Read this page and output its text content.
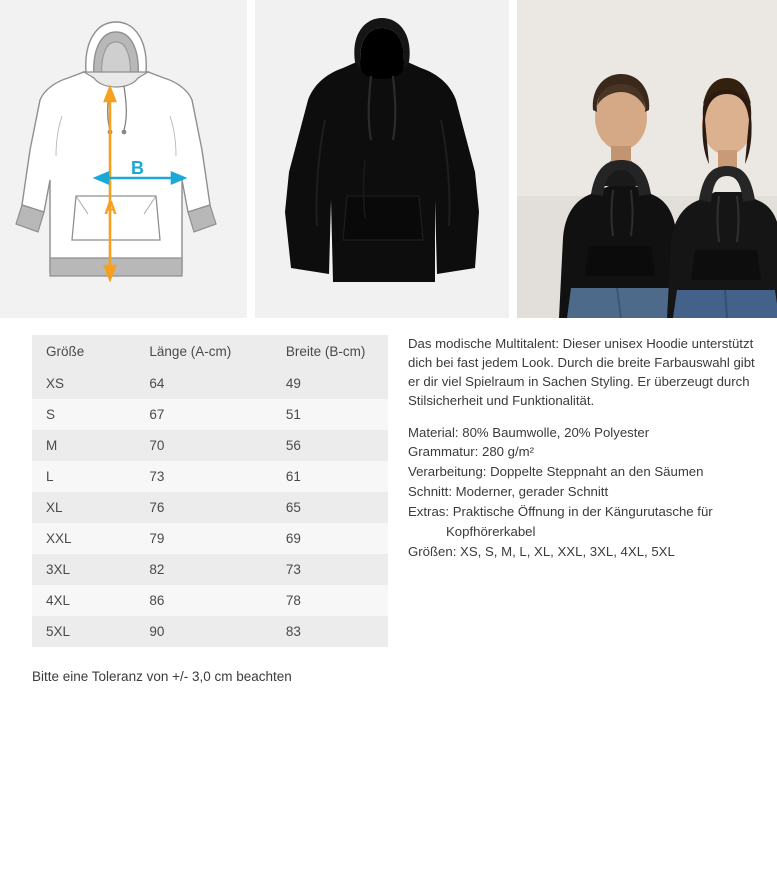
A
B
Größe	Länge (A-cm)	Breite (B-cm)
XS	64	49
S	67	51
M	70	56
L	73	61
XL	76	65
XXL	79	69
3XL	82	73
4XL	86	78
5XL	90	83

Das modische Multitalent: Dieser unisex Hoodie unterstützt dich bei fast jedem Look. Durch die breite Farbauswahl gibt er dir viel Spielraum in Sachen Styling. Er überzeugt durch Stilsicherheit und Funktionalität.

Material: 80% Baumwolle, 20% Polyester
Grammatur: 280 g/m²
Verarbeitung: Doppelte Steppnaht an den Säumen
Schnitt: Moderner, gerader Schnitt
Extras: Praktische Öffnung in der Kängurutasche für
Kopfhörerkabel
Größen: XS, S, M, L, XL, XXL, 3XL, 4XL, 5XL
Bitte eine Toleranz von +/- 3,0 cm beachten
